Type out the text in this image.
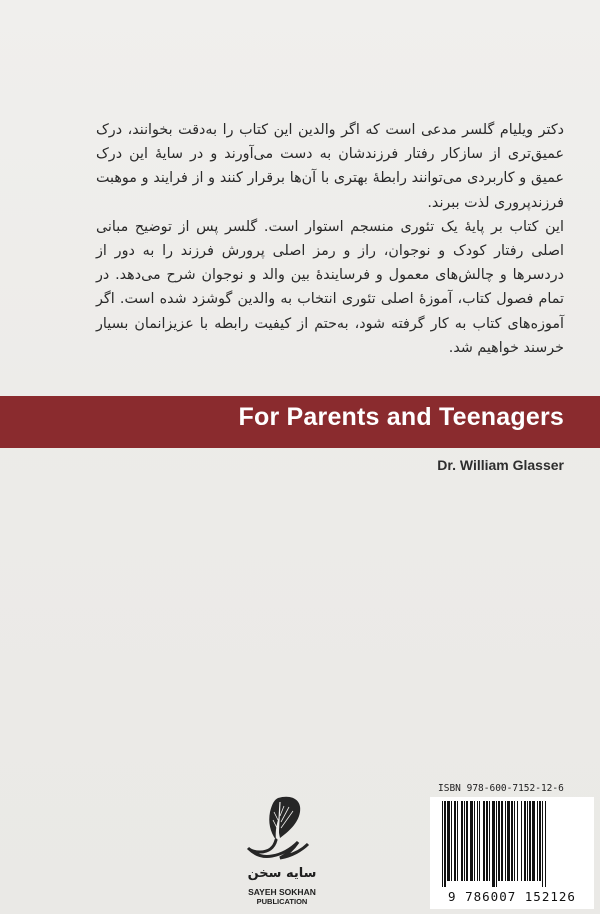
دکتر ویلیام گلسر مدعی است که اگر والدین این کتاب را به‌دقت بخوانند، درک عمیق‌تری از سازکار رفتار فرزندشان به دست می‌آورند و در سایهٔ این درک عمیق و کاربردی می‌توانند رابطهٔ بهتری با آن‌ها برقرار کنند و از فرایند و موهبت فرزندپروری لذت ببرند.

این کتاب بر پایهٔ یک تئوری منسجم استوار است. گلسر پس از توضیح مبانی اصلی رفتار کودک و نوجوان، راز و رمز اصلی پرورش فرزند را به دور از دردسرها و چالش‌های معمول و فرساینده‌ٔ بین والد و نوجوان شرح می‌دهد. در تمام فصول کتاب، آموزهٔ اصلی تئوری انتخاب به والدین گوشزد شده است. اگر آموزه‌های کتاب به کار گرفته شود، به‌حتم از کیفیت رابطه با عزیزانمان بسیار خرسند خواهیم شد.

For Parents and Teenagers
Dr. William Glasser
سایه سخن
SAYEH SOKHAN
PUBLICATION
ISBN 978-600-7152-12-6
9 786007 152126
